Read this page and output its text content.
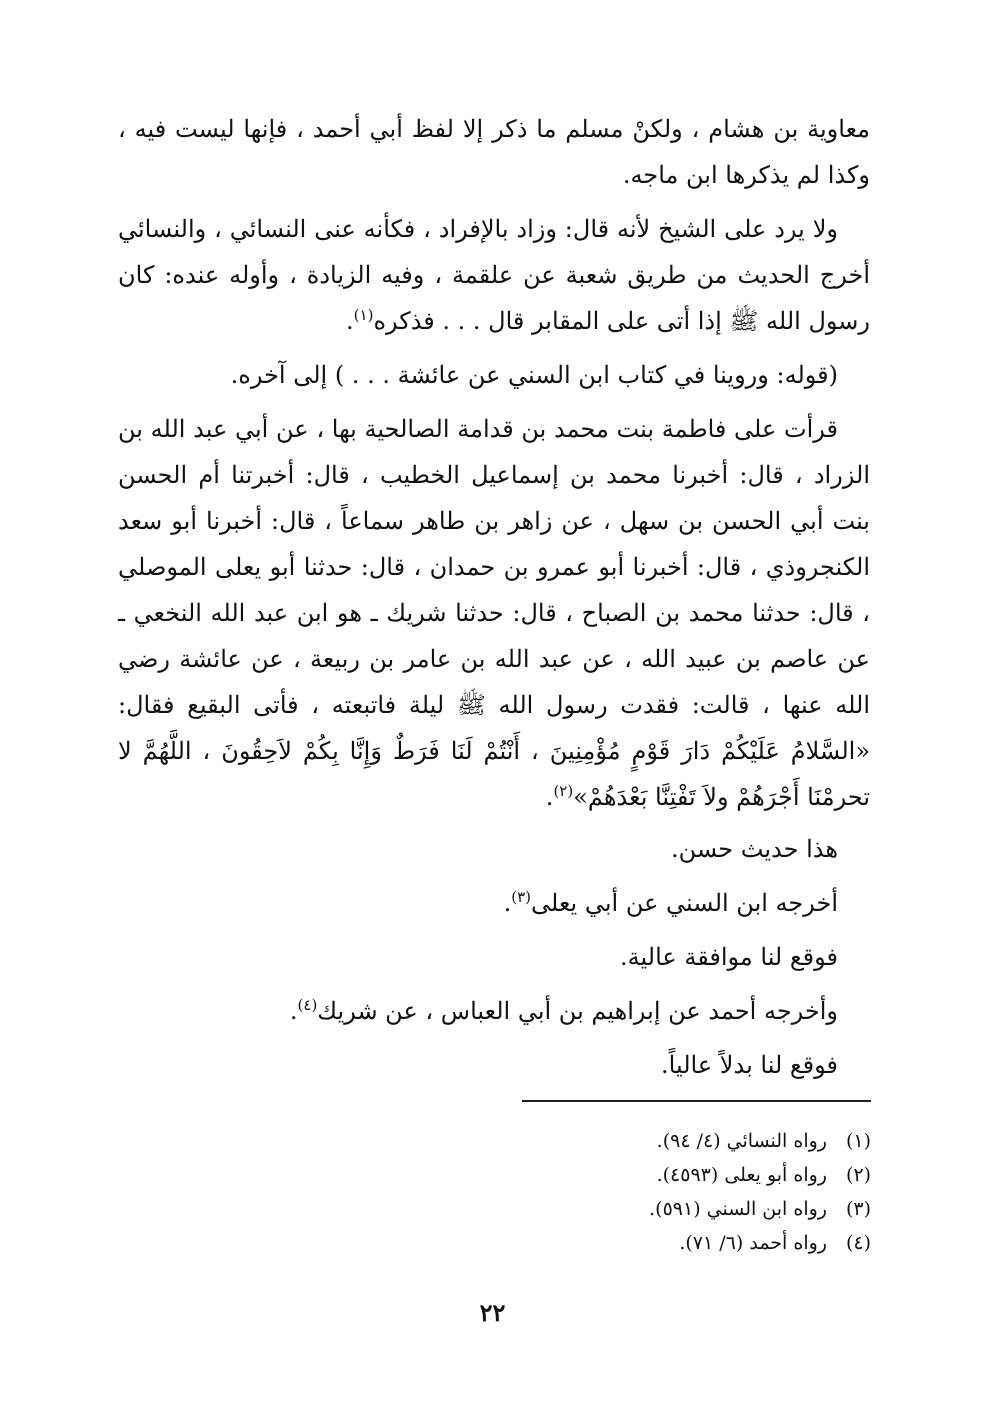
معاوية بن هشام ، ولكنْ مسلم ما ذكر إلا لفظ أبي أحمد ، فإنها ليست فيه ، وكذا لم يذكرها ابن ماجه.

ولا يرد على الشيخ لأنه قال: وزاد بالإفراد ، فكأنه عنى النسائي ، والنسائي أخرج الحديث من طريق شعبة عن علقمة ، وفيه الزيادة ، وأوله عنده: كان رسول الله ﷺ إذا أتى على المقابر قال . . . فذكره$^{(١)}$.

(قوله: وروينا في كتاب ابن السني عن عائشة . . . ) إلى آخره.

قرأت على فاطمة بنت محمد بن قدامة الصالحية بها ، عن أبي عبد الله بن الزراد ، قال: أخبرنا محمد بن إسماعيل الخطيب ، قال: أخبرتنا أم الحسن بنت أبي الحسن بن سهل ، عن زاهر بن طاهر سماعاً ، قال: أخبرنا أبو سعد الكنجروذي ، قال: أخبرنا أبو عمرو بن حمدان ، قال: حدثنا أبو يعلى الموصلي ، قال: حدثنا محمد بن الصباح ، قال: حدثنا شريك ـ هو ابن عبد الله النخعي ـ عن عاصم بن عبيد الله ، عن عبد الله بن عامر بن ربيعة ، عن عائشة رضي الله عنها ، قالت: فقدت رسول الله ﷺ ليلة فاتبعته ، فأتى البقيع فقال: «السَّلامُ عَلَيْكُمْ دَارَ قَوْمٍ مُؤْمِنِينَ ، أَنْتُمْ لَنَا فَرَطٌ وَإِنَّا بِكُمْ لاَحِقُونَ ، اللَّهُمَّ لا تحرمْنَا أَجْرَهُمْ ولاَ تَفْتِنَّا بَعْدَهُمْ»$^{(٢)}$.

هذا حديث حسن.

أخرجه ابن السني عن أبي يعلى$^{(٣)}$.

فوقع لنا موافقة عالية.

وأخرجه أحمد عن إبراهيم بن أبي العباس ، عن شريك$^{(٤)}$.

فوقع لنا بدلاً عالياً.

(١) رواه النسائي (٤/ ٩٤).
(٢) رواه أبو يعلى (٤٥٩٣).
(٣) رواه ابن السني (٥٩١).
(٤) رواه أحمد (٦/ ٧١).
٢٢
